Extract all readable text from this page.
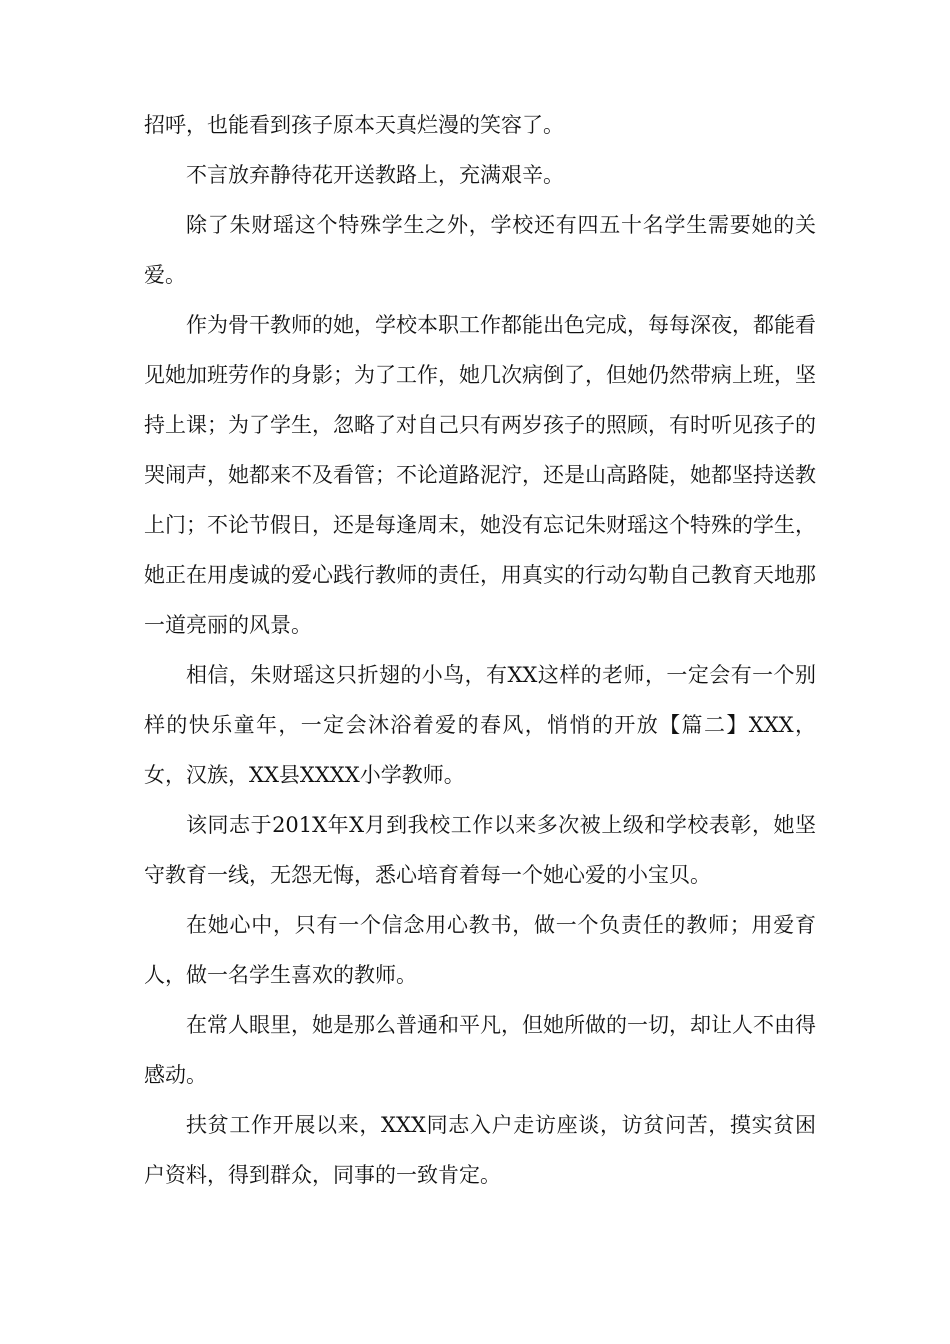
招呼，也能看到孩子原本天真烂漫的笑容了。

不言放弃静待花开送教路上，充满艰辛。

除了朱财瑶这个特殊学生之外，学校还有四五十名学生需要她的关爱。

作为骨干教师的她，学校本职工作都能出色完成，每每深夜，都能看见她加班劳作的身影；为了工作，她几次病倒了，但她仍然带病上班，坚持上课；为了学生，忽略了对自己只有两岁孩子的照顾，有时听见孩子的哭闹声，她都来不及看管；不论道路泥泞，还是山高路陡，她都坚持送教上门；不论节假日，还是每逢周末，她没有忘记朱财瑶这个特殊的学生，她正在用虔诚的爱心践行教师的责任，用真实的行动勾勒自己教育天地那一道亮丽的风景。

相信，朱财瑶这只折翅的小鸟，有XX这样的老师，一定会有一个别样的快乐童年，一定会沐浴着爱的春风，悄悄的开放【篇二】XXX，女，汉族，XX县XXXX小学教师。

该同志于201X年X月到我校工作以来多次被上级和学校表彰，她坚守教育一线，无怨无悔，悉心培育着每一个她心爱的小宝贝。

在她心中，只有一个信念用心教书，做一个负责任的教师；用爱育人，做一名学生喜欢的教师。

在常人眼里，她是那么普通和平凡，但她所做的一切，却让人不由得感动。

扶贫工作开展以来，XXX同志入户走访座谈，访贫问苦，摸实贫困户资料，得到群众，同事的一致肯定。
